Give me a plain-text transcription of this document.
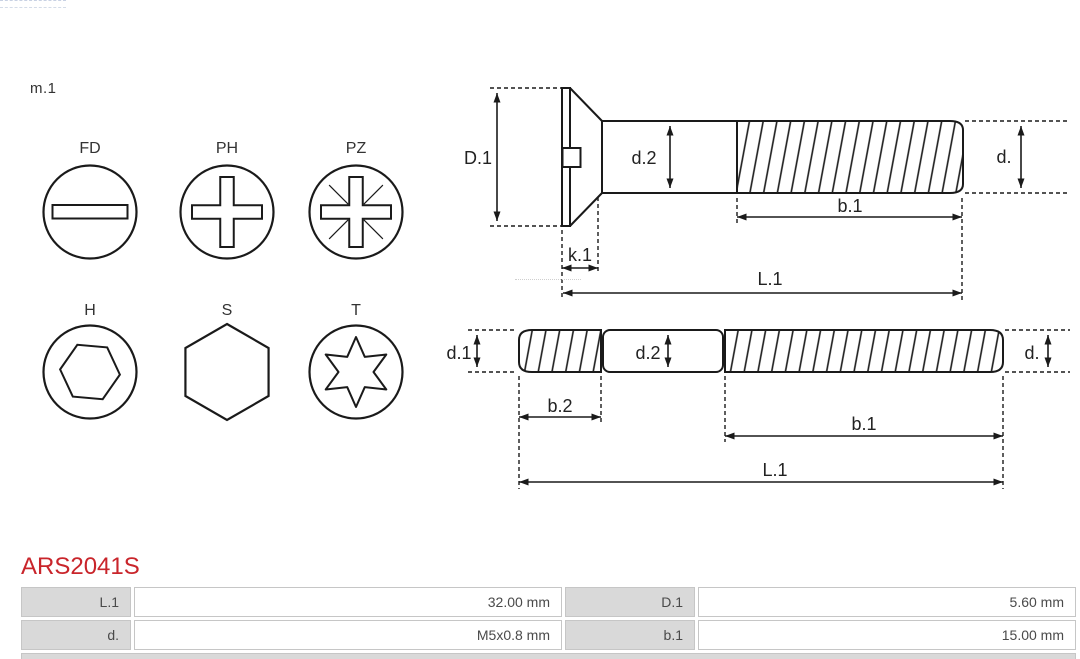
m.1
FD	PH	PZ
H	S	T
D.1	d.2	d.
k.1
b.1
L.1
d.1	d.2	d.
b.2
b.1
L.1
ARS2041S
L.1	32.00 mm	D.1	5.60 mm
d.	M5x0.8 mm	b.1	15.00 mm
